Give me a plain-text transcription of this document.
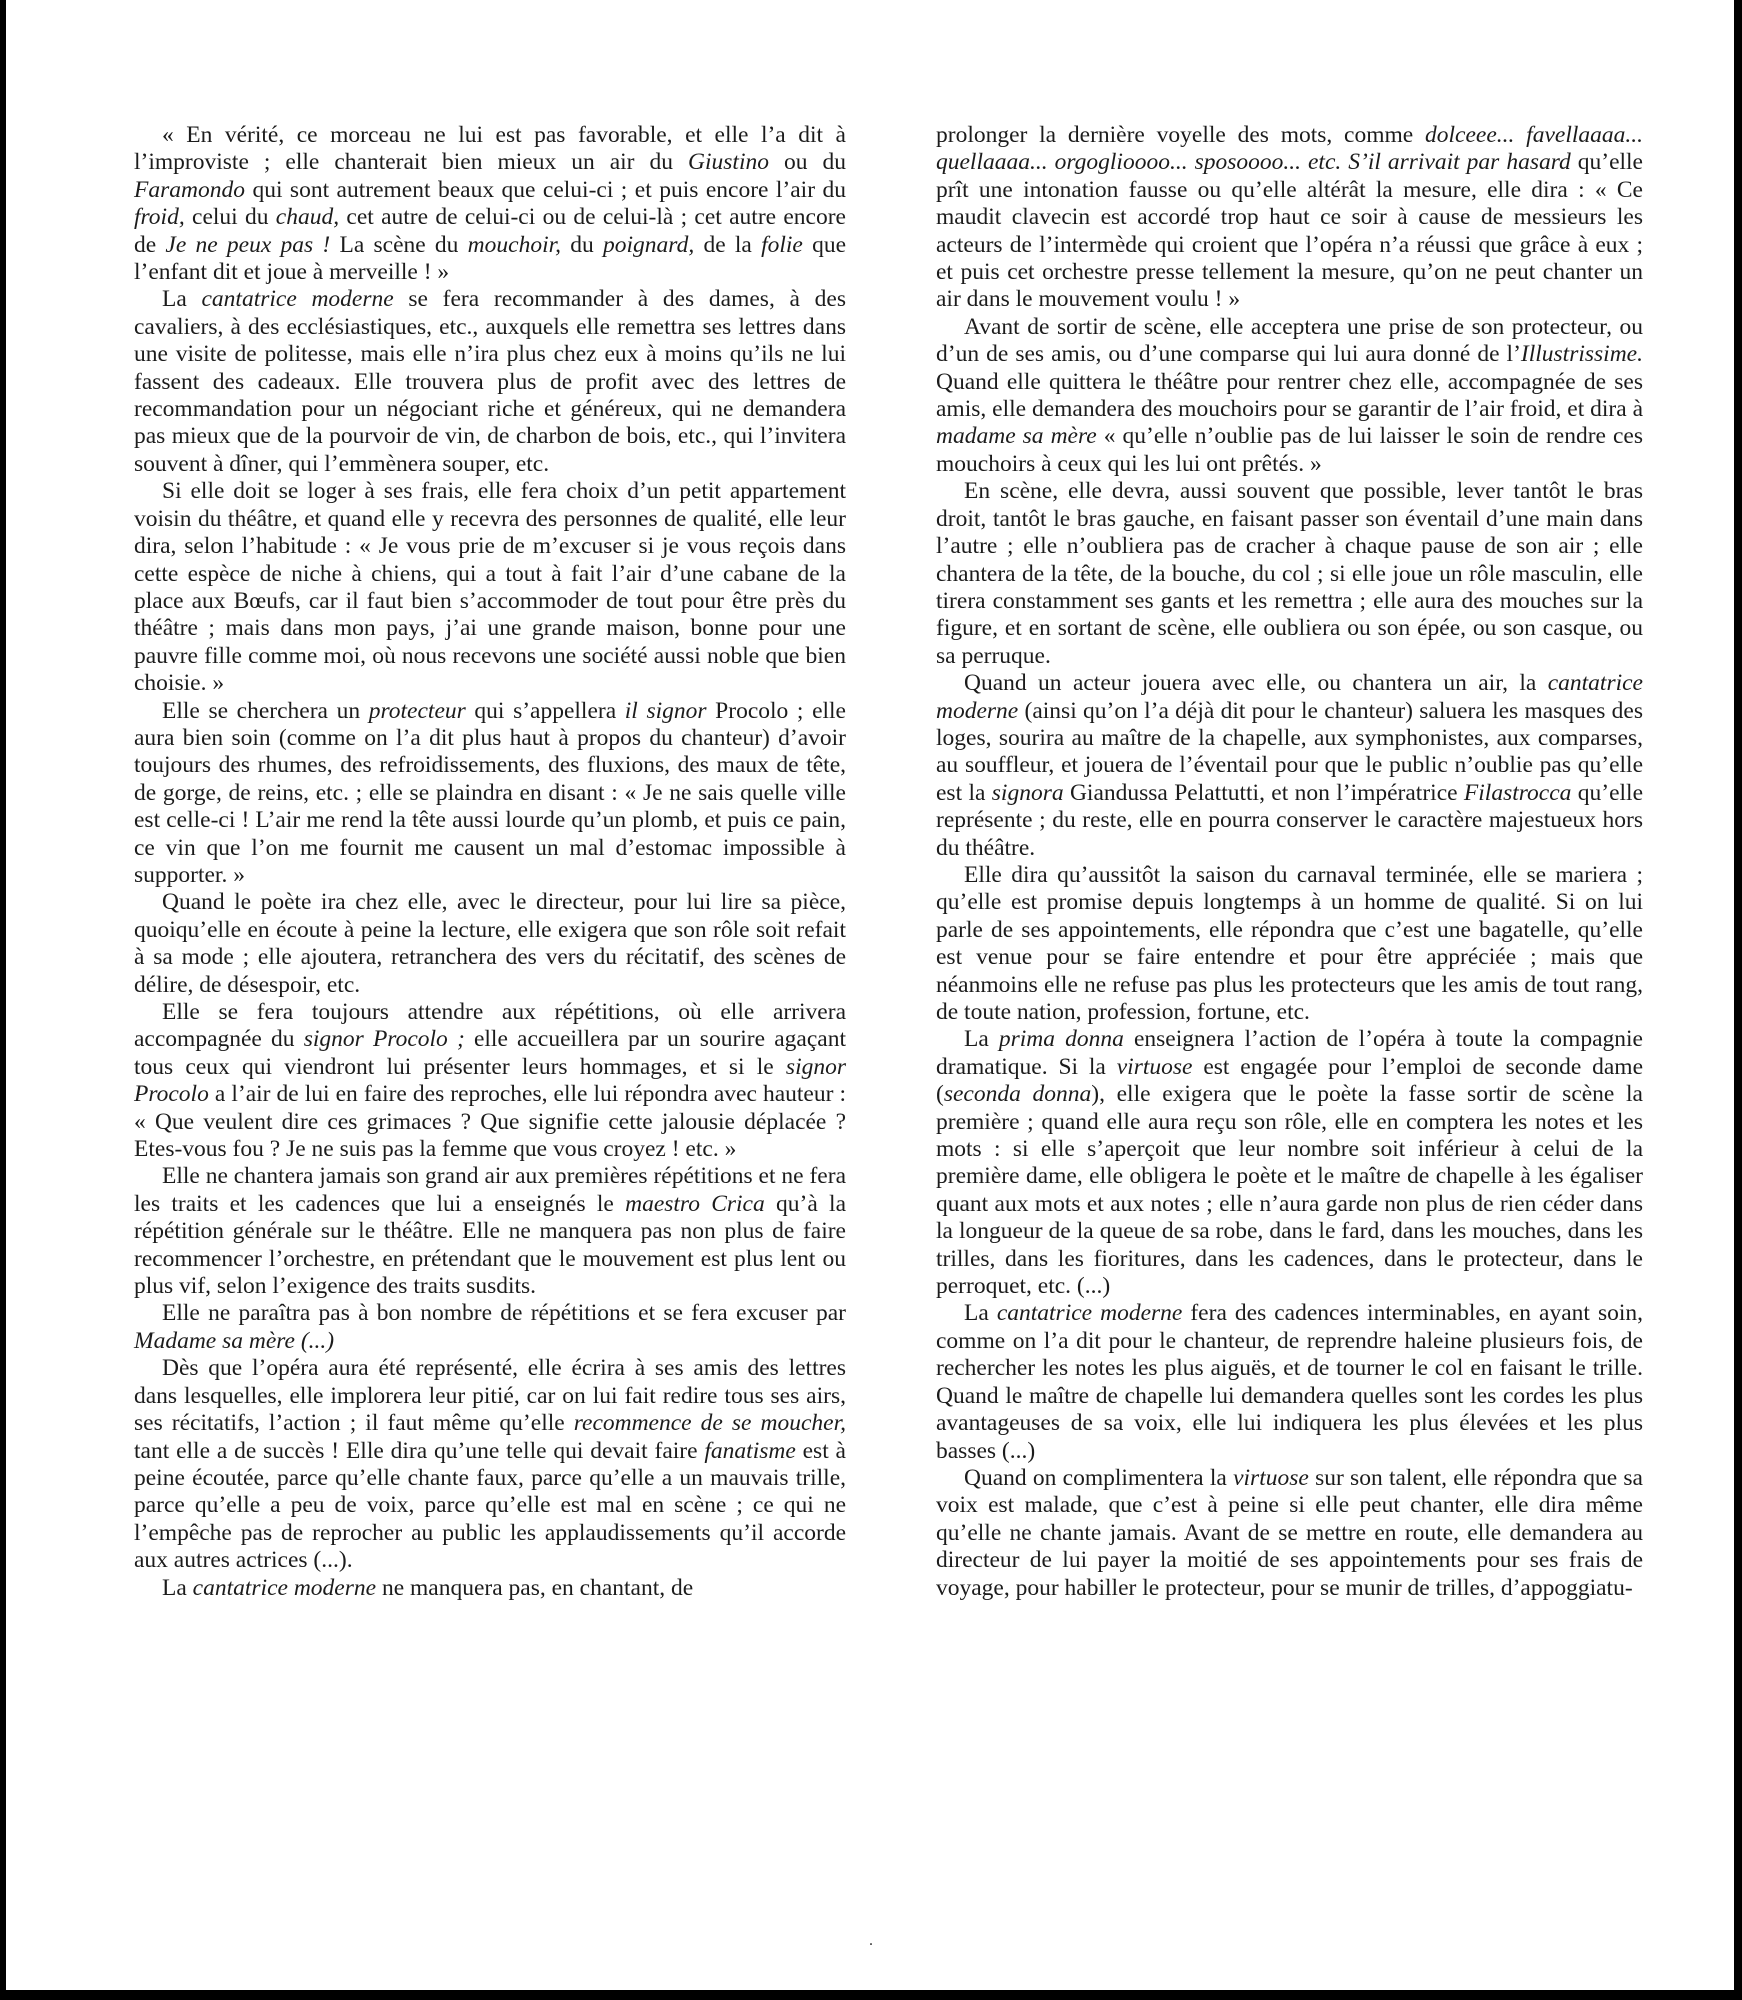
« En vérité, ce morceau ne lui est pas favorable, et elle l’a dit à l’improviste ; elle chanterait bien mieux un air du Giustino ou du Faramondo qui sont autrement beaux que celui-ci ; et puis encore l’air du froid, celui du chaud, cet autre de celui-ci ou de celui-là ; cet autre encore de Je ne peux pas ! La scène du mouchoir, du poignard, de la folie que l’enfant dit et joue à merveille ! »

La cantatrice moderne se fera recommander à des dames, à des cavaliers, à des ecclésiastiques, etc., auxquels elle remettra ses lettres dans une visite de politesse, mais elle n’ira plus chez eux à moins qu’ils ne lui fassent des cadeaux. Elle trouvera plus de profit avec des lettres de recommandation pour un négociant riche et généreux, qui ne demandera pas mieux que de la pourvoir de vin, de charbon de bois, etc., qui l’invitera souvent à dîner, qui l’emmènera souper, etc.

Si elle doit se loger à ses frais, elle fera choix d’un petit appartement voisin du théâtre, et quand elle y recevra des personnes de qualité, elle leur dira, selon l’habitude : « Je vous prie de m’excuser si je vous reçois dans cette espèce de niche à chiens, qui a tout à fait l’air d’une cabane de la place aux Bœufs, car il faut bien s’accommoder de tout pour être près du théâtre ; mais dans mon pays, j’ai une grande maison, bonne pour une pauvre fille comme moi, où nous recevons une société aussi noble que bien choisie. »

Elle se cherchera un protecteur qui s’appellera il signor Procolo ; elle aura bien soin (comme on l’a dit plus haut à propos du chanteur) d’avoir toujours des rhumes, des refroidissements, des fluxions, des maux de tête, de gorge, de reins, etc. ; elle se plaindra en disant : « Je ne sais quelle ville est celle-ci ! L’air me rend la tête aussi lourde qu’un plomb, et puis ce pain, ce vin que l’on me fournit me causent un mal d’estomac impossible à supporter. »

Quand le poète ira chez elle, avec le directeur, pour lui lire sa pièce, quoiqu’elle en écoute à peine la lecture, elle exigera que son rôle soit refait à sa mode ; elle ajoutera, retranchera des vers du récitatif, des scènes de délire, de désespoir, etc.

Elle se fera toujours attendre aux répétitions, où elle arrivera accompagnée du signor Procolo ; elle accueillera par un sourire agaçant tous ceux qui viendront lui présenter leurs hommages, et si le signor Procolo a l’air de lui en faire des reproches, elle lui répondra avec hauteur : « Que veulent dire ces grimaces ? Que signifie cette jalousie déplacée ? Etes-vous fou ? Je ne suis pas la femme que vous croyez ! etc. »

Elle ne chantera jamais son grand air aux premières répétitions et ne fera les traits et les cadences que lui a enseignés le maestro Crica qu’à la répétition générale sur le théâtre. Elle ne manquera pas non plus de faire recommencer l’orchestre, en prétendant que le mouvement est plus lent ou plus vif, selon l’exigence des traits susdits.

Elle ne paraîtra pas à bon nombre de répétitions et se fera excuser par Madame sa mère (...)

Dès que l’opéra aura été représenté, elle écrira à ses amis des lettres dans lesquelles, elle implorera leur pitié, car on lui fait redire tous ses airs, ses récitatifs, l’action ; il faut même qu’elle recommence de se moucher, tant elle a de succès ! Elle dira qu’une telle qui devait faire fanatisme est à peine écoutée, parce qu’elle chante faux, parce qu’elle a un mauvais trille, parce qu’elle a peu de voix, parce qu’elle est mal en scène ; ce qui ne l’empêche pas de reprocher au public les applaudissements qu’il accorde aux autres actrices (...).

La cantatrice moderne ne manquera pas, en chantant, de

prolonger la dernière voyelle des mots, comme dolceee... favellaaaa... quellaaaa... orgoglioooo... sposoooo... etc. S’il arrivait par hasard qu’elle prît une intonation fausse ou qu’elle altérât la mesure, elle dira : « Ce maudit clavecin est accordé trop haut ce soir à cause de messieurs les acteurs de l’intermède qui croient que l’opéra n’a réussi que grâce à eux ; et puis cet orchestre presse tellement la mesure, qu’on ne peut chanter un air dans le mouvement voulu ! »

Avant de sortir de scène, elle acceptera une prise de son protecteur, ou d’un de ses amis, ou d’une comparse qui lui aura donné de l’Illustrissime. Quand elle quittera le théâtre pour rentrer chez elle, accompagnée de ses amis, elle demandera des mouchoirs pour se garantir de l’air froid, et dira à madame sa mère « qu’elle n’oublie pas de lui laisser le soin de rendre ces mouchoirs à ceux qui les lui ont prêtés. »

En scène, elle devra, aussi souvent que possible, lever tantôt le bras droit, tantôt le bras gauche, en faisant passer son éventail d’une main dans l’autre ; elle n’oubliera pas de cracher à chaque pause de son air ; elle chantera de la tête, de la bouche, du col ; si elle joue un rôle masculin, elle tirera constamment ses gants et les remettra ; elle aura des mouches sur la figure, et en sortant de scène, elle oubliera ou son épée, ou son casque, ou sa perruque.

Quand un acteur jouera avec elle, ou chantera un air, la cantatrice moderne (ainsi qu’on l’a déjà dit pour le chanteur) saluera les masques des loges, sourira au maître de la chapelle, aux symphonistes, aux comparses, au souffleur, et jouera de l’éventail pour que le public n’oublie pas qu’elle est la signora Giandussa Pelattutti, et non l’impératrice Filastrocca qu’elle représente ; du reste, elle en pourra conserver le caractère majestueux hors du théâtre.

Elle dira qu’aussitôt la saison du carnaval terminée, elle se mariera ; qu’elle est promise depuis longtemps à un homme de qualité. Si on lui parle de ses appointements, elle répondra que c’est une bagatelle, qu’elle est venue pour se faire entendre et pour être appréciée ; mais que néanmoins elle ne refuse pas plus les protecteurs que les amis de tout rang, de toute nation, profession, fortune, etc.

La prima donna enseignera l’action de l’opéra à toute la compagnie dramatique. Si la virtuose est engagée pour l’emploi de seconde dame (seconda donna), elle exigera que le poète la fasse sortir de scène la première ; quand elle aura reçu son rôle, elle en comptera les notes et les mots : si elle s’aperçoit que leur nombre soit inférieur à celui de la première dame, elle obligera le poète et le maître de chapelle à les égaliser quant aux mots et aux notes ; elle n’aura garde non plus de rien céder dans la longueur de la queue de sa robe, dans le fard, dans les mouches, dans les trilles, dans les fioritures, dans les cadences, dans le protecteur, dans le perroquet, etc. (...)

La cantatrice moderne fera des cadences interminables, en ayant soin, comme on l’a dit pour le chanteur, de reprendre haleine plusieurs fois, de rechercher les notes les plus aiguës, et de tourner le col en faisant le trille. Quand le maître de chapelle lui demandera quelles sont les cordes les plus avantageuses de sa voix, elle lui indiquera les plus élevées et les plus basses (...)

Quand on complimentera la virtuose sur son talent, elle répondra que sa voix est malade, que c’est à peine si elle peut chanter, elle dira même qu’elle ne chante jamais. Avant de se mettre en route, elle demandera au directeur de lui payer la moitié de ses appointements pour ses frais de voyage, pour habiller le protecteur, pour se munir de trilles, d’appoggiatu-

.
